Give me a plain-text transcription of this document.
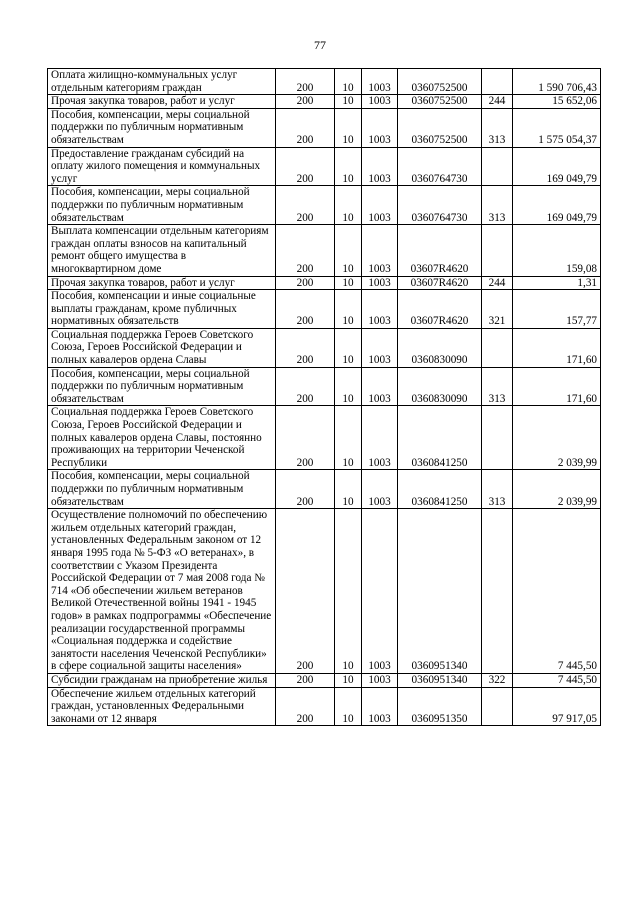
77
Оплата жилищно-коммунальных услуг отдельным категориям граждан	200	10	1003	0360752500		1 590 706,43
Прочая закупка товаров, работ и услуг	200	10	1003	0360752500	244	15 652,06
Пособия, компенсации, меры социальной поддержки по публичным нормативным обязательствам	200	10	1003	0360752500	313	1 575 054,37
Предоставление гражданам субсидий на оплату жилого помещения и коммунальных услуг	200	10	1003	0360764730		169 049,79
Пособия, компенсации, меры социальной поддержки по публичным нормативным обязательствам	200	10	1003	0360764730	313	169 049,79
Выплата компенсации отдельным категориям граждан оплаты взносов на капитальный ремонт общего имущества в многоквартирном доме	200	10	1003	03607R4620		159,08
Прочая закупка товаров, работ и услуг	200	10	1003	03607R4620	244	1,31
Пособия, компенсации и иные социальные выплаты гражданам, кроме публичных нормативных обязательств	200	10	1003	03607R4620	321	157,77
Социальная поддержка Героев Советского Союза, Героев Российской Федерации и полных кавалеров ордена Славы	200	10	1003	0360830090		171,60
Пособия, компенсации, меры социальной поддержки по публичным нормативным обязательствам	200	10	1003	0360830090	313	171,60
Социальная поддержка Героев Советского Союза, Героев Российской Федерации и полных кавалеров ордена Славы, постоянно проживающих на территории Чеченской Республики	200	10	1003	0360841250		2 039,99
Пособия, компенсации, меры социальной поддержки по публичным нормативным обязательствам	200	10	1003	0360841250	313	2 039,99
Осуществление полномочий по обеспечению жильем отдельных категорий граждан, установленных Федеральным законом от 12 января 1995 года № 5-ФЗ «О ветеранах», в соответствии с Указом Президента Российской Федерации от 7 мая 2008 года № 714 «Об обеспечении жильем ветеранов Великой Отечественной войны 1941 - 1945 годов» в рамках подпрограммы «Обеспечение реализации государственной программы «Социальная поддержка и содействие занятости населения Чеченской Республики» в сфере социальной защиты населения»	200	10	1003	0360951340		7 445,50
Субсидии гражданам на приобретение жилья	200	10	1003	0360951340	322	7 445,50
Обеспечение жильем отдельных категорий граждан, установленных Федеральными законами от 12 января	200	10	1003	0360951350		97 917,05
